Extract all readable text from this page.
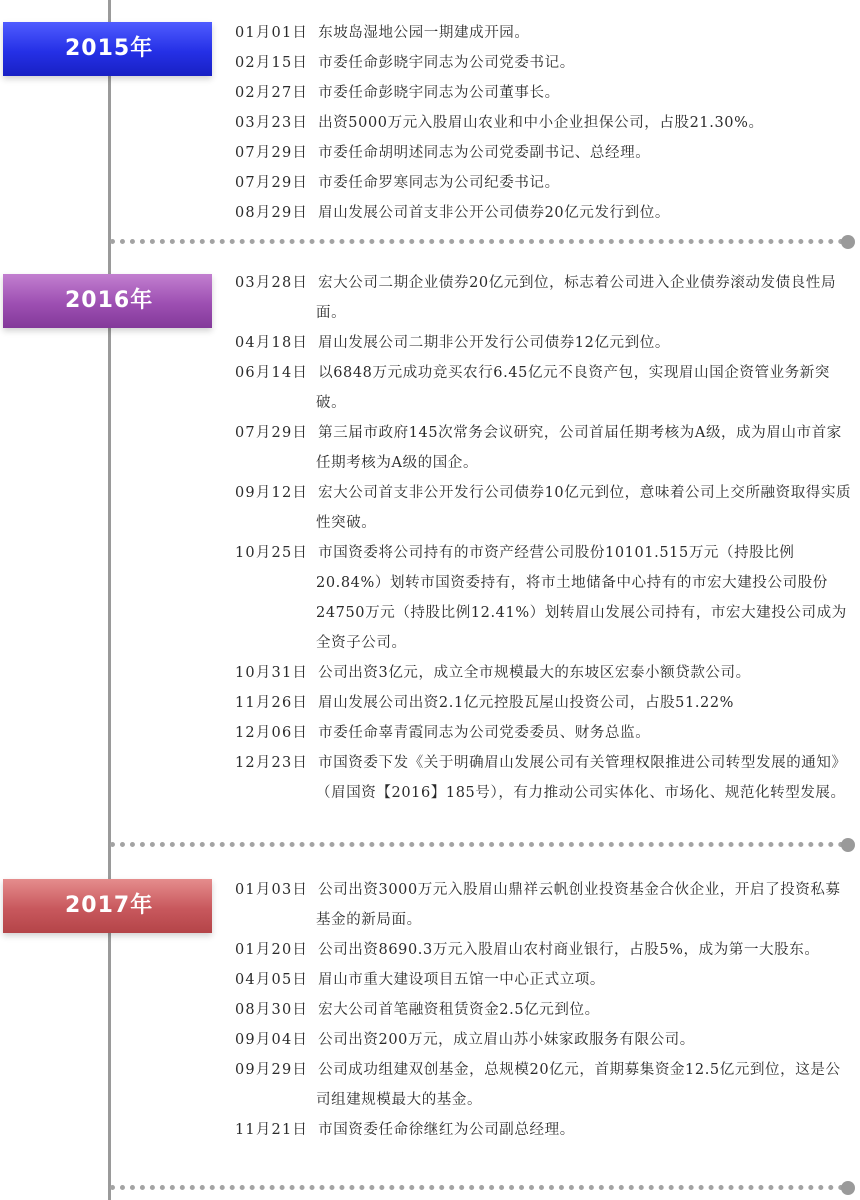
2015年
01月01日 东坡岛湿地公园一期建成开园。
02月15日 市委任命彭晓宇同志为公司党委书记。
02月27日 市委任命彭晓宇同志为公司董事长。
03月23日 出资5000万元入股眉山农业和中小企业担保公司，占股21.30%。
07月29日 市委任命胡明述同志为公司党委副书记、总经理。
07月29日 市委任命罗寒同志为公司纪委书记。
08月29日 眉山发展公司首支非公开公司债券20亿元发行到位。
2016年
03月28日 宏大公司二期企业债券20亿元到位，标志着公司进入企业债券滚动发债良性局面。
04月18日 眉山发展公司二期非公开发行公司债券12亿元到位。
06月14日 以6848万元成功竞买农行6.45亿元不良资产包，实现眉山国企资管业务新突破。
07月29日 第三届市政府145次常务会议研究，公司首届任期考核为A级，成为眉山市首家任期考核为A级的国企。
09月12日 宏大公司首支非公开发行公司债券10亿元到位，意味着公司上交所融资取得实质性突破。
10月25日 市国资委将公司持有的市资产经营公司股份10101.515万元（持股比例20.84%）划转市国资委持有，将市土地储备中心持有的市宏大建投公司股份24750万元（持股比例12.41%）划转眉山发展公司持有，市宏大建投公司成为全资子公司。
10月31日 公司出资3亿元，成立全市规模最大的东坡区宏泰小额贷款公司。
11月26日 眉山发展公司出资2.1亿元控股瓦屋山投资公司，占股51.22%
12月06日 市委任命辜青霞同志为公司党委委员、财务总监。
12月23日 市国资委下发《关于明确眉山发展公司有关管理权限推进公司转型发展的通知》（眉国资【2016】185号），有力推动公司实体化、市场化、规范化转型发展。
2017年
01月03日 公司出资3000万元入股眉山鼎祥云帆创业投资基金合伙企业，开启了投资私募基金的新局面。
01月20日 公司出资8690.3万元入股眉山农村商业银行，占股5%，成为第一大股东。
04月05日 眉山市重大建设项目五馆一中心正式立项。
08月30日 宏大公司首笔融资租赁资金2.5亿元到位。
09月04日 公司出资200万元，成立眉山苏小妹家政服务有限公司。
09月29日 公司成功组建双创基金，总规模20亿元，首期募集资金12.5亿元到位，这是公司组建规模最大的基金。
11月21日 市国资委任命徐继红为公司副总经理。
